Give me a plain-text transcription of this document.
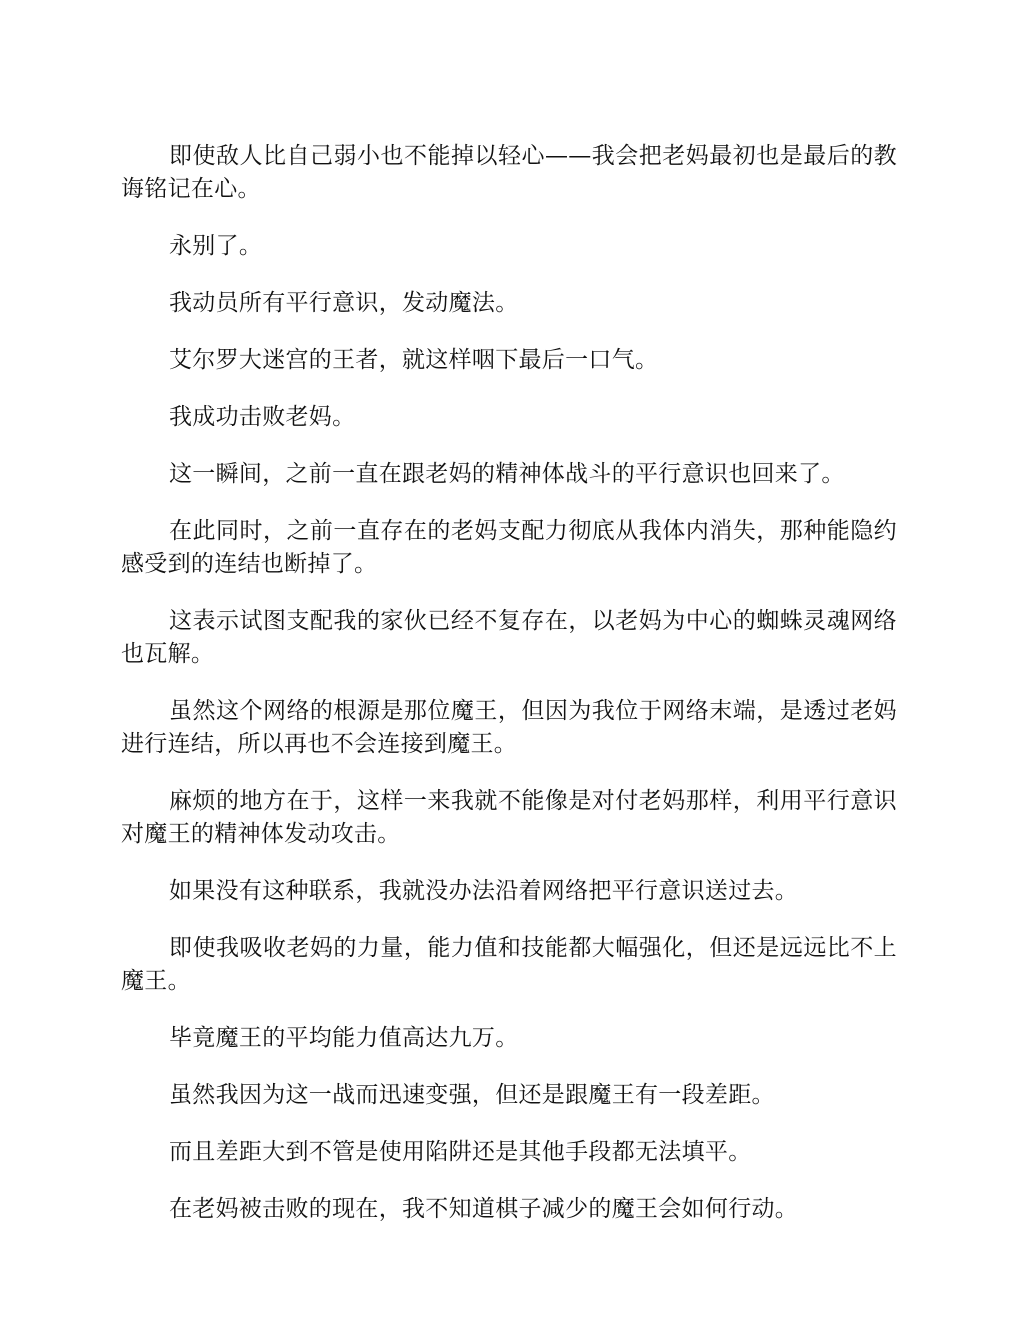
即使敌人比自己弱小也不能掉以轻心——我会把老妈最初也是最后的教诲铭记在心。

永别了。

我动员所有平行意识，发动魔法。

艾尔罗大迷宫的王者，就这样咽下最后一口气。

我成功击败老妈。

这一瞬间，之前一直在跟老妈的精神体战斗的平行意识也回来了。

在此同时，之前一直存在的老妈支配力彻底从我体内消失，那种能隐约感受到的连结也断掉了。

这表示试图支配我的家伙已经不复存在，以老妈为中心的蜘蛛灵魂网络也瓦解。

虽然这个网络的根源是那位魔王，但因为我位于网络末端，是透过老妈进行连结，所以再也不会连接到魔王。

麻烦的地方在于，这样一来我就不能像是对付老妈那样，利用平行意识对魔王的精神体发动攻击。

如果没有这种联系，我就没办法沿着网络把平行意识送过去。

即使我吸收老妈的力量，能力值和技能都大幅强化，但还是远远比不上魔王。

毕竟魔王的平均能力值高达九万。

虽然我因为这一战而迅速变强，但还是跟魔王有一段差距。

而且差距大到不管是使用陷阱还是其他手段都无法填平。

在老妈被击败的现在，我不知道棋子减少的魔王会如何行动。
